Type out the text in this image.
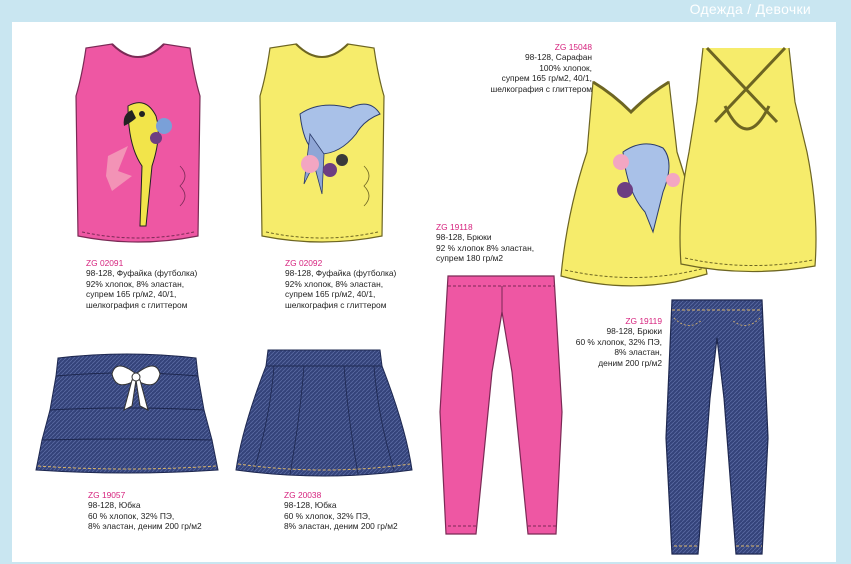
Одежда / Девочки
ZG 02091
98-128, Фуфайка (футболка)
92% хлопок, 8% эластан,
супрем 165 гр/м2, 40/1,
шелкография с глиттером
ZG 02092
98-128, Фуфайка (футболка)
92% хлопок, 8% эластан,
супрем 165 гр/м2, 40/1,
шелкография с глиттером
ZG 15048
98-128, Сарафан
100% хлопок,
супрем 165 гр/м2, 40/1,
шелкография с глиттером
ZG 19118
98-128, Брюки
92 % хлопок 8% эластан,
супрем 180 гр/м2
ZG 19119
98-128, Брюки
60 % хлопок, 32% ПЭ,
8% эластан,
деним 200 гр/м2
ZG 19057
98-128, Юбка
60 % хлопок, 32% ПЭ,
8% эластан, деним 200 гр/м2
ZG 20038
98-128, Юбка
60 % хлопок, 32% ПЭ,
8% эластан, деним 200 гр/м2
